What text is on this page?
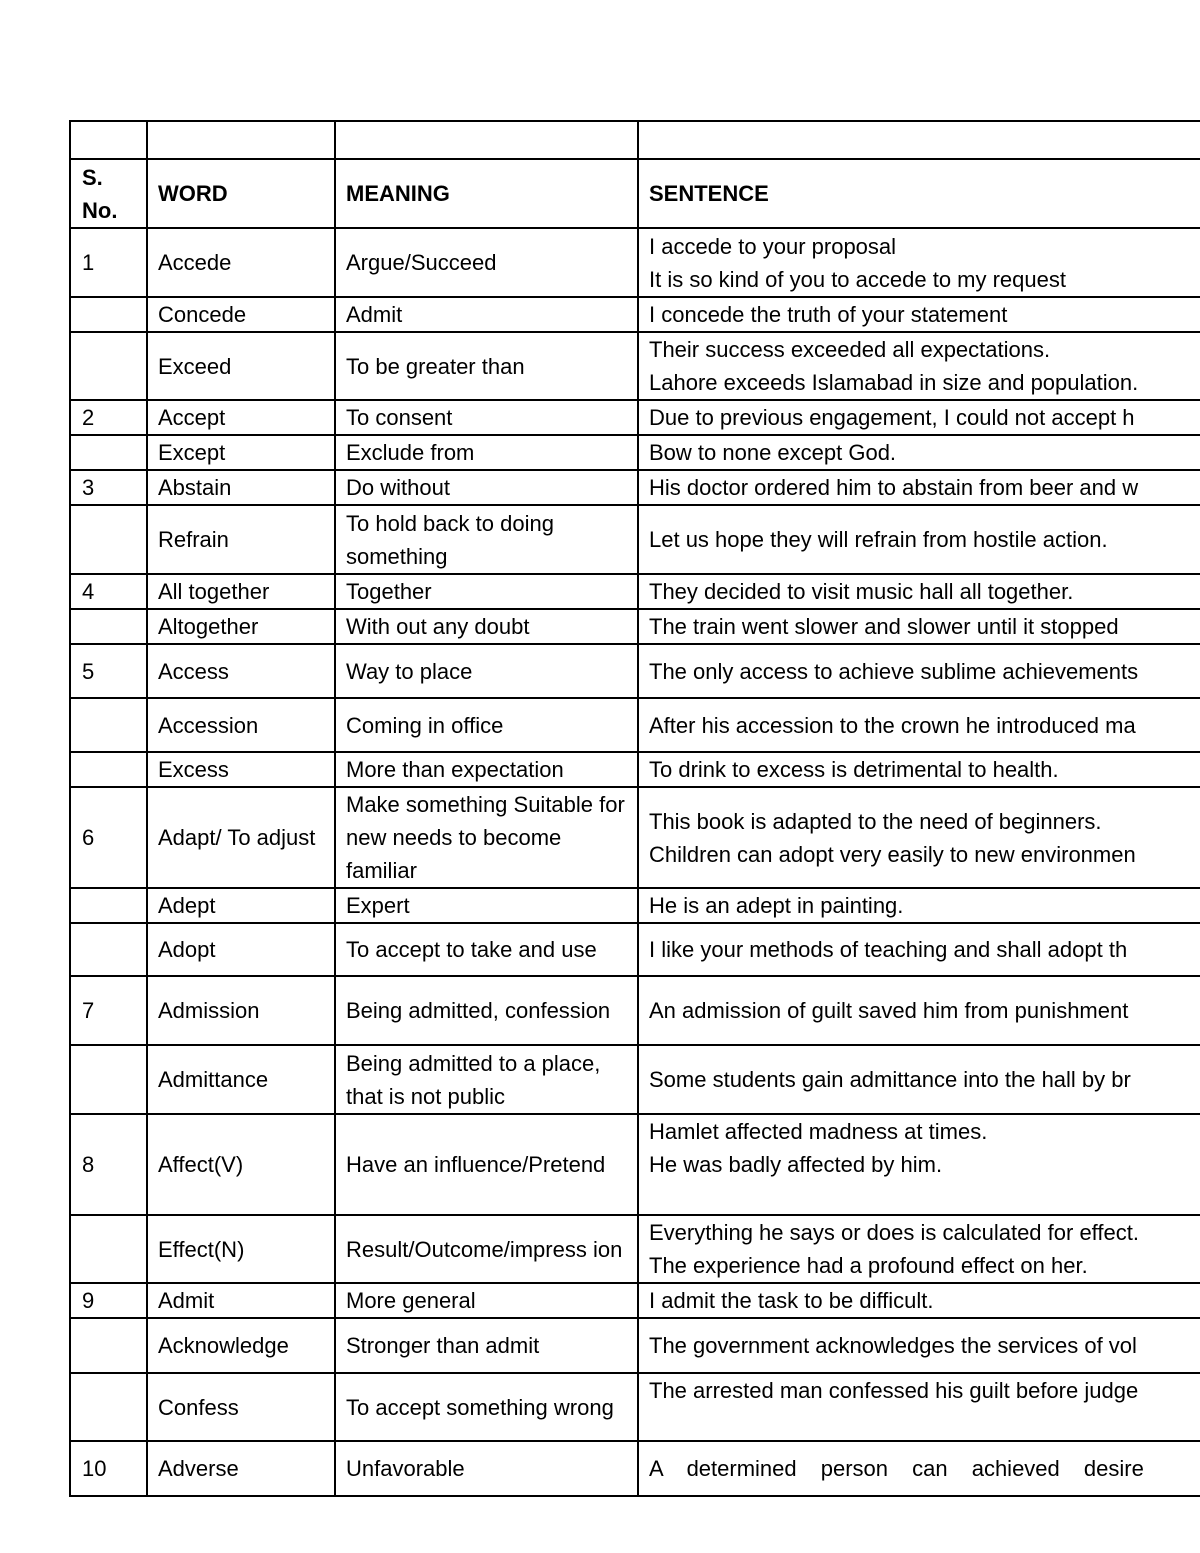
S. No.	WORD	MEANING	SENTENCE
1	Accede	Argue/Succeed	I accede to your proposal
It is so kind of you to accede to my request

	Concede	Admit	I concede the truth of your statement

	Exceed	To be greater than	Their success exceeded all expectations.
Lahore exceeds Islamabad in size and population.

2	Accept	To consent	Due to previous engagement, I could not accept h

	Except	Exclude from	Bow to none except God.

3	Abstain	Do without	His doctor ordered him to abstain from beer and w

	Refrain	To hold back to doing something	Let us hope they will refrain from hostile action.

4	All together	Together	They decided to visit music hall all together.

	Altogether	With out any doubt	The train went slower and slower until it stopped

5	Access	Way to place	The only access to achieve sublime achievements

	Accession	Coming in office	After his accession to the crown he introduced ma

	Excess	More than expectation	To drink to excess is detrimental to health.

6	Adapt/ To adjust	Make something Suitable for new needs to become familiar	This book is adapted to the need of beginners.
Children can adopt very easily to new environmen

	Adept	Expert	He is an adept in painting.

	Adopt	To accept to take and use	I like your methods of teaching and shall adopt th

7	Admission	Being admitted, confession	An admission of guilt saved him from punishment

	Admittance	Being admitted to a place, that is not public	Some students gain admittance into the hall by br

8	Affect(V)	Have an influence/Pretend	Hamlet affected madness at times.
He was badly affected by him.

	Effect(N)	Result/Outcome/impress ion	Everything he says or does is calculated for effect.
The experience had a profound effect on her.

9	Admit	More general	I admit the task to be difficult.

	Acknowledge	Stronger than admit	The government acknowledges the services of vol

	Confess	To accept something wrong	The arrested man confessed his guilt before judge

10	Adverse	Unfavorable	A determined person can achieved desire
